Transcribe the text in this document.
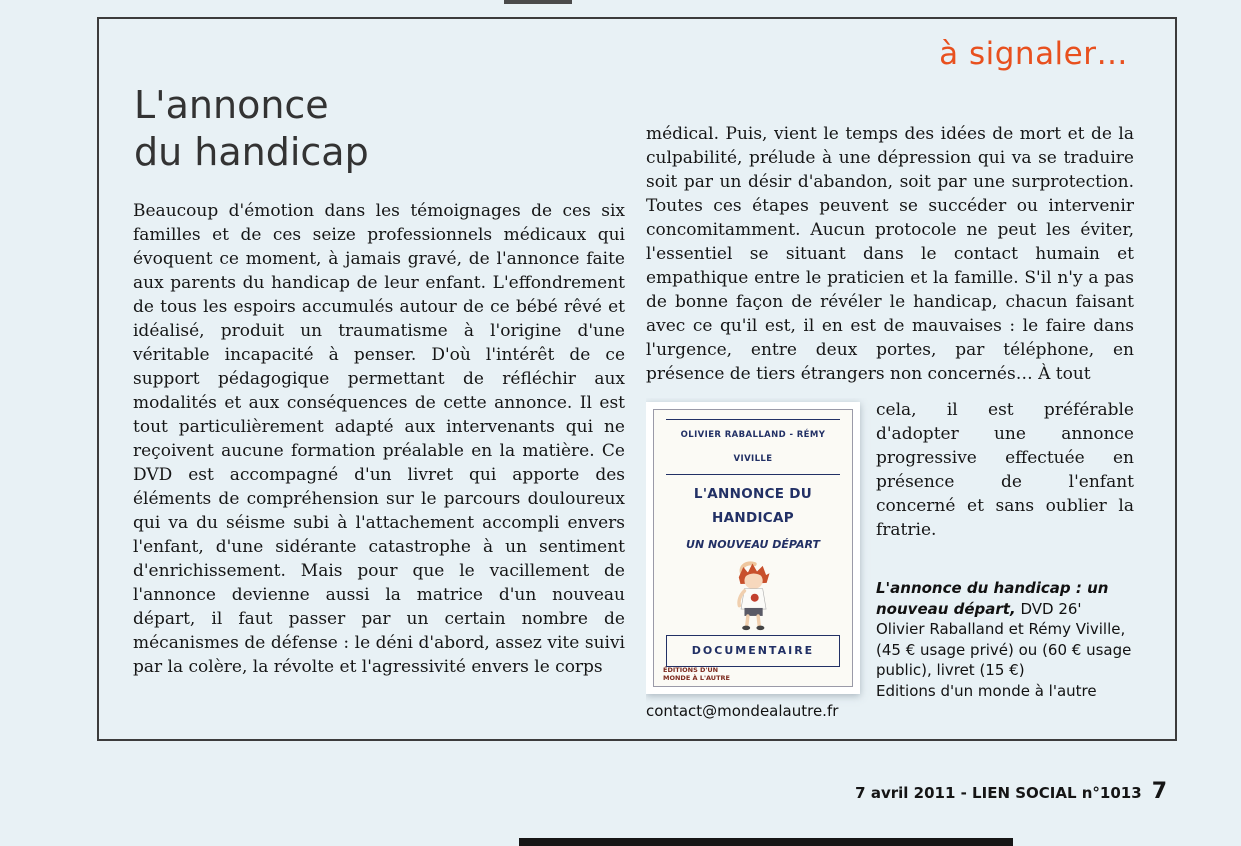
à signaler…
L'annonce
du handicap
Beaucoup d'émotion dans les témoignages de ces six familles et de ces seize professionnels médicaux qui évoquent ce moment, à jamais gravé, de l'annonce faite aux parents du handicap de leur enfant. L'effondrement de tous les espoirs accumulés autour de ce bébé rêvé et idéalisé, produit un traumatisme à l'origine d'une véritable incapacité à penser. D'où l'intérêt de ce support pédagogique permettant de réfléchir aux modalités et aux conséquences de cette annonce. Il est tout particulièrement adapté aux intervenants qui ne reçoivent aucune formation préalable en la matière. Ce DVD est accompagné d'un livret qui apporte des éléments de compréhension sur le parcours douloureux qui va du séisme subi à l'attachement accompli envers l'enfant, d'une sidérante catastrophe à un sentiment d'enrichissement. Mais pour que le vacillement de l'annonce devienne aussi la matrice d'un nouveau départ, il faut passer par un certain nombre de mécanismes de défense : le déni d'abord, assez vite suivi par la colère, la révolte et l'agressivité envers le corps
médical. Puis, vient le temps des idées de mort et de la culpabilité, prélude à une dépression qui va se traduire soit par un désir d'abandon, soit par une surprotection. Toutes ces étapes peuvent se succéder ou intervenir concomitamment. Aucun protocole ne peut les éviter, l'essentiel se situant dans le contact humain et empathique entre le praticien et la famille. S'il n'y a pas de bonne façon de révéler le handicap, chacun faisant avec ce qu'il est, il en est de mauvaises : le faire dans l'urgence, entre deux portes, par téléphone, en présence de tiers étrangers non concernés… À tout
OLIVIER RABALLAND - RÉMY VIVILLE
L'ANNONCE DU HANDICAP
UN NOUVEAU DÉPART
DOCUMENTAIRE
ÉDITIONS D'UN MONDE À L'AUTRE
cela, il est préférable d'adopter une annonce progressive effectuée en présence de l'enfant concerné et sans oublier la fratrie.

L'annonce du handicap : un nouveau départ, DVD 26' Olivier Raballand et Rémy Viville, (45 € usage privé) ou (60 € usage public), livret (15 €)

Editions d'un monde à l'autre
contact@mondealautre.fr
7 avril 2011 - LIEN SOCIAL n°1013 7
